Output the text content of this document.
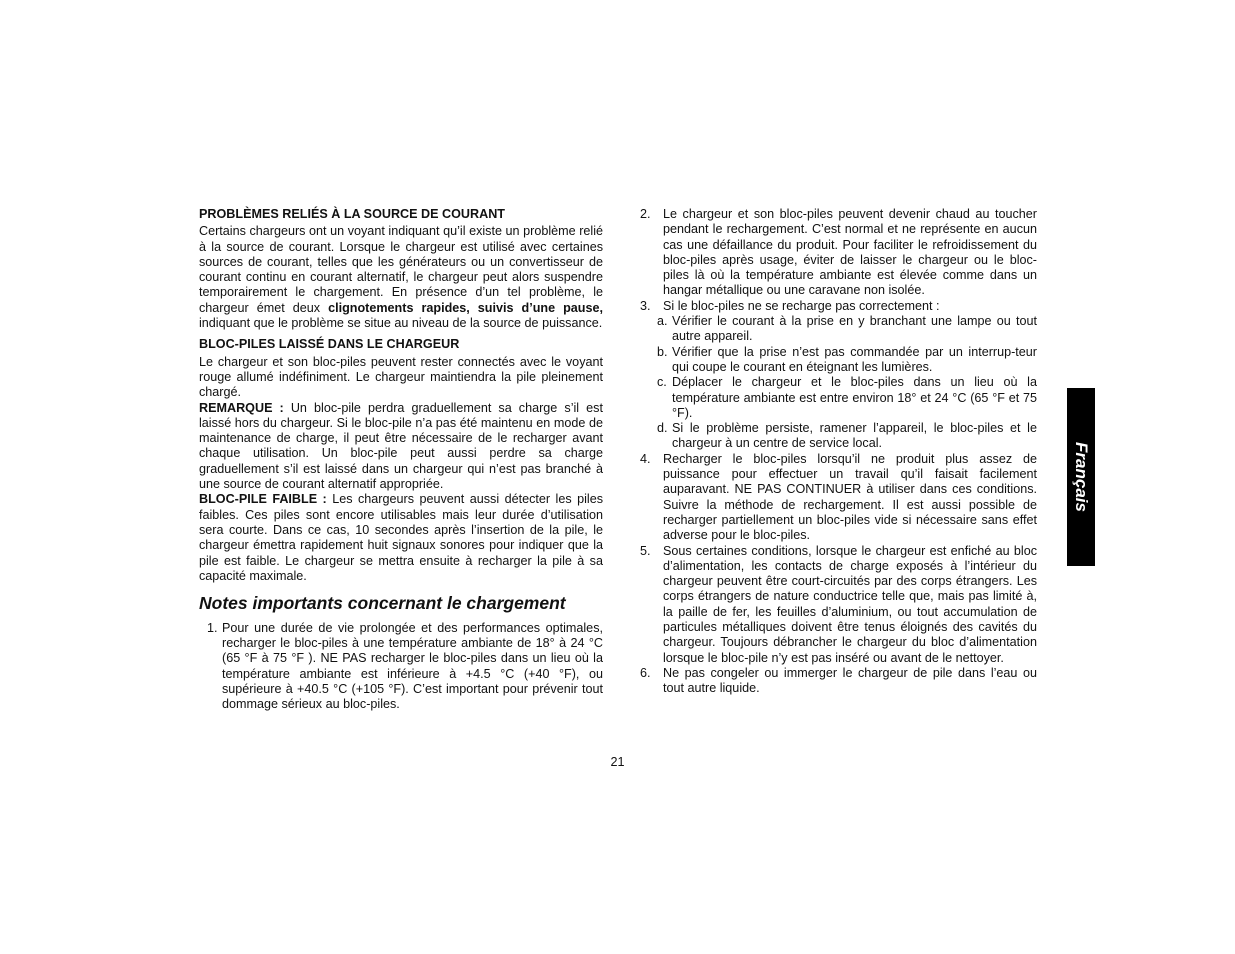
PROBLÈMES RELIÉS À LA SOURCE DE COURANT

Certains chargeurs ont un voyant indiquant qu’il existe un problème relié à la source de courant. Lorsque le chargeur est utilisé avec certaines sources de courant, telles que les générateurs ou un convertisseur de courant continu en courant alternatif, le chargeur peut alors suspendre temporairement le chargement. En présence d’un tel problème, le chargeur émet deux clignotements rapides, suivis d’une pause, indiquant que le problème se situe au niveau de la source de puissance.

BLOC-PILES LAISSÉ DANS LE CHARGEUR

Le chargeur et son bloc-piles peuvent rester connectés avec le voyant rouge allumé indéfiniment. Le chargeur maintiendra la pile pleinement chargé.

REMARQUE : Un bloc-pile perdra graduellement sa charge s’il est laissé hors du chargeur. Si le bloc-pile n’a pas été maintenu en mode de maintenance de charge, il peut être nécessaire de le recharger avant chaque utilisation. Un bloc-pile peut aussi perdre sa charge graduellement s’il est laissé dans un chargeur qui n’est pas branché à une source de courant alternatif appropriée.

BLOC-PILE FAIBLE : Les chargeurs peuvent aussi détecter les piles faibles. Ces piles sont encore utilisables mais leur durée d’utilisation sera courte. Dans ce cas, 10 secondes après l’insertion de la pile, le chargeur émettra rapidement huit signaux sonores pour indiquer que la pile est faible. Le chargeur se mettra ensuite à recharger la pile à sa capacité maximale.

Notes importants concernant le chargement
1. Pour une durée de vie prolongée et des performances optimales, recharger le bloc-piles à une température ambiante de 18° à 24 °C (65 °F à 75 °F ). NE PAS recharger le bloc-piles dans un lieu où la température ambiante est inférieure à +4.5 °C (+40 °F), ou supérieure à +40.5 °C (+105 °F). C’est important pour prévenir tout dommage sérieux au bloc-piles.
2. Le chargeur et son bloc-piles peuvent devenir chaud au toucher pendant le rechargement. C’est normal et ne représente en aucun cas une défaillance du produit. Pour faciliter le refroidissement du bloc-piles après usage, éviter de laisser le chargeur ou le bloc-piles là où la température ambiante est élevée comme dans un hangar métallique ou une caravane non isolée.
3. Si le bloc-piles ne se recharge pas correctement :
a. Vérifier le courant à la prise en y branchant une lampe ou tout autre appareil.
b. Vérifier que la prise n’est pas commandée par un interrup-teur qui coupe le courant en éteignant les lumières.
c. Déplacer le chargeur et le bloc-piles dans un lieu où la température ambiante est entre environ 18° et 24 °C (65 °F et 75 °F).
d. Si le problème persiste, ramener l’appareil, le bloc-piles et le chargeur à un centre de service local.
4. Recharger le bloc-piles lorsqu’il ne produit plus assez de puissance pour effectuer un travail qu’il faisait facilement auparavant. NE PAS CONTINUER à utiliser dans ces conditions. Suivre la méthode de rechargement. Il est aussi possible de recharger partiellement un bloc-piles vide si nécessaire sans effet adverse pour le bloc-piles.
5. Sous certaines conditions, lorsque le chargeur est enfiché au bloc d’alimentation, les contacts de charge exposés à l’intérieur du chargeur peuvent être court-circuités par des corps étrangers. Les corps étrangers de nature conductrice telle que, mais pas limité à, la paille de fer, les feuilles d’aluminium, ou tout accumulation de particules métalliques doivent être tenus éloignés des cavités du chargeur. Toujours débrancher le chargeur du bloc d’alimentation lorsque le bloc-pile n’y est pas inséré ou avant de le nettoyer.
6. Ne pas congeler ou immerger le chargeur de pile dans l’eau ou tout autre liquide.
21
Français
